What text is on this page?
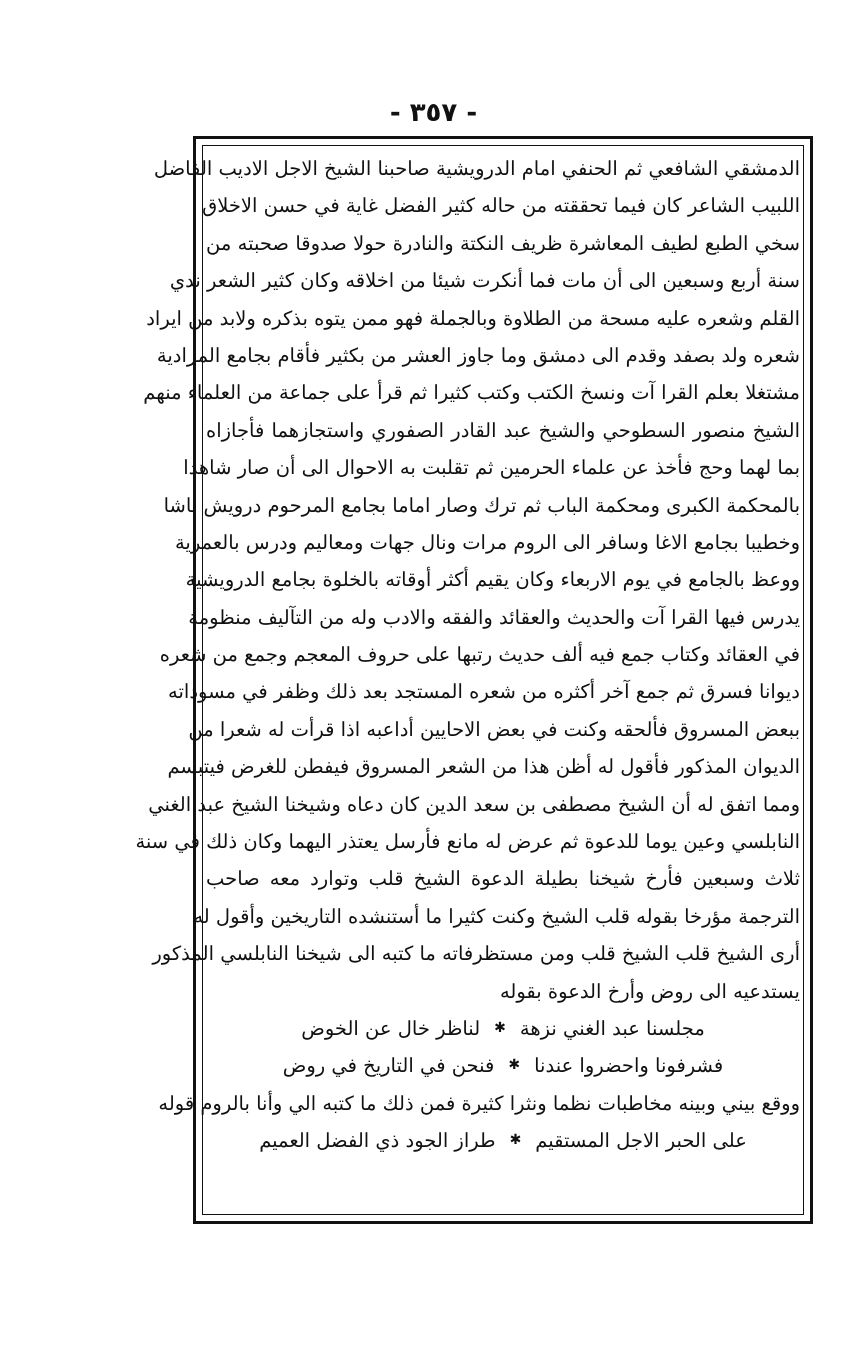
- ٣٥٧ -
الدمشقي الشافعي ثم الحنفي امام الدرويشية صاحبنا الشيخ الاجل الاديب الفاضل
اللبيب الشاعر كان فيما تحققته من حاله كثير الفضل غاية في حسن الاخلاق
سخي الطبع لطيف المعاشرة ظريف النكتة والنادرة حولا صدوقا صحبته من
سنة أربع وسبعين الى أن مات فما أنكرت شيئا من اخلاقه وكان كثير الشعر ندي
القلم وشعره عليه مسحة من الطلاوة وبالجملة فهو ممن يتوه بذكره ولابد من ايراد
شعره ولد بصفد وقدم الى دمشق وما جاوز العشر من بكثير فأقام بجامع المرادية
مشتغلا بعلم القرا آت ونسخ الكتب وكتب كثيرا ثم قرأ على جماعة من العلماء منهم
الشيخ منصور السطوحي والشيخ عبد القادر الصفوري واستجازهما فأجازاه
بما لهما وحج فأخذ عن علماء الحرمين ثم تقلبت به الاحوال الى أن صار شاهدا
بالمحكمة الكبرى ومحكمة الباب ثم ترك وصار اماما بجامع المرحوم درويش باشا
وخطيبا بجامع الاغا وسافر الى الروم مرات ونال جهات ومعاليم ودرس بالعمرية
ووعظ بالجامع في يوم الاربعاء وكان يقيم أكثر أوقاته بالخلوة بجامع الدرويشية
يدرس فيها القرا آت والحديث والعقائد والفقه والادب وله من التآليف منظومة
في العقائد وكتاب جمع فيه ألف حديث رتبها على حروف المعجم وجمع من شعره
ديوانا فسرق ثم جمع آخر أكثره من شعره المستجد بعد ذلك وظفر في مسوداته
ببعض المسروق فألحقه وكنت في بعض الاحايين أداعبه اذا قرأت له شعرا من
الديوان المذكور فأقول له أظن هذا من الشعر المسروق فيفطن للغرض فيتبسم
ومما اتفق له أن الشيخ مصطفى بن سعد الدين كان دعاه وشيخنا الشيخ عبد الغني
النابلسي وعين يوما للدعوة ثم عرض له مانع فأرسل يعتذر اليهما وكان ذلك في سنة
ثلاث وسبعين فأرخ شيخنا بطيلة الدعوة الشيخ قلب وتوارد معه صاحب
الترجمة مؤرخا بقوله قلب الشيخ وكنت كثيرا ما أستنشده التاريخين وأقول له
أرى الشيخ قلب الشيخ قلب ومن مستظرفاته ما كتبه الى شيخنا النابلسي المذكور
يستدعيه الى روض وأرخ الدعوة بقوله
مجلسنا عبد الغني نزهة
✱
لناظر خال عن الخوض
فشرفونا واحضروا عندنا
✱
فنحن في التاريخ في روض
ووقع بيني وبينه مخاطبات نظما ونثرا كثيرة فمن ذلك ما كتبه الي وأنا بالروم قوله
على الحبر الاجل المستقيم
✱
طراز الجود ذي الفضل العميم
